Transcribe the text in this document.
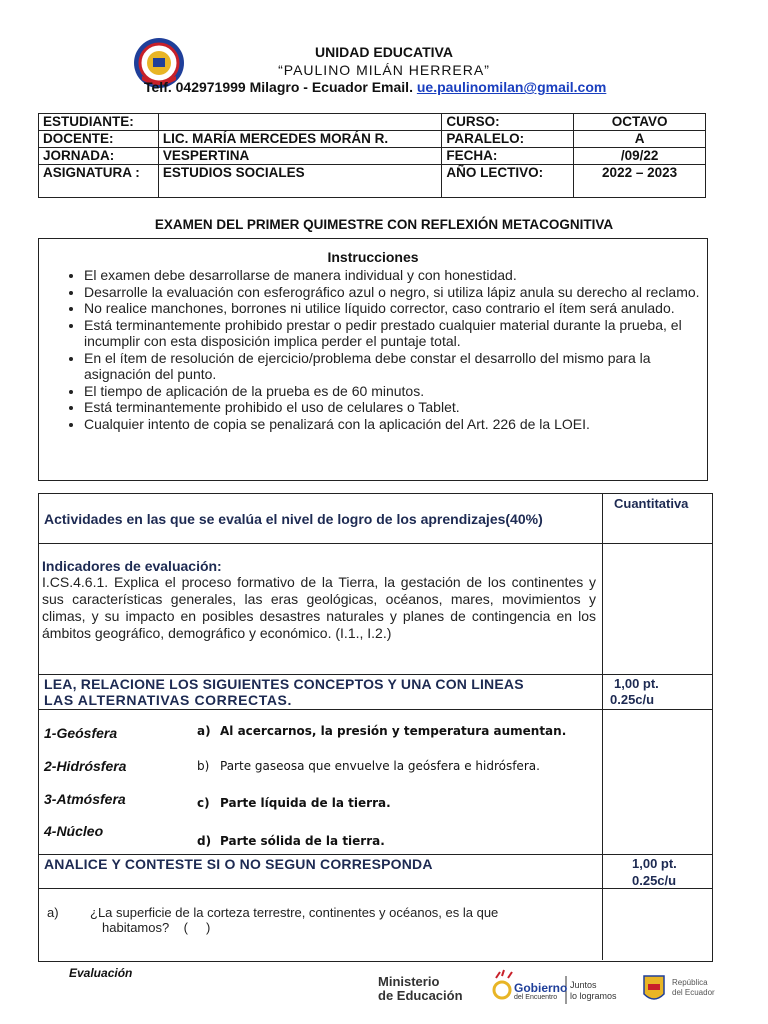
UNIDAD EDUCATIVA
“PAULINO MILÁN HERRERA”
Telf. 042971999 Milagro - Ecuador Email. ue.paulinomilan@gmail.com
ESTUDIANTE:		CURSO:	OCTAVO
DOCENTE:	LIC. MARÍA MERCEDES MORÁN R.	PARALELO:	A
JORNADA:	VESPERTINA	FECHA:	/09/22
ASIGNATURA :	ESTUDIOS SOCIALES	AÑO LECTIVO:	2022 – 2023
EXAMEN DEL PRIMER QUIMESTRE CON REFLEXIÓN METACOGNITIVA
Instrucciones
• El examen debe desarrollarse de manera individual y con honestidad.
• Desarrolle la evaluación con esferográfico azul o negro, si utiliza lápiz anula su derecho al reclamo.
• No realice manchones, borrones ni utilice líquido corrector, caso contrario el ítem será anulado.
• Está terminantemente prohibido prestar o pedir prestado cualquier material durante la prueba, el incumplir con esta disposición implica perder el puntaje total.
• En el ítem de resolución de ejercicio/problema debe constar el desarrollo del mismo para la asignación del punto.
• El tiempo de aplicación de la prueba es de 60 minutos.
• Está terminantemente prohibido el uso de celulares o Tablet.
• Cualquier intento de copia se penalizará con la aplicación del Art. 226 de la LOEI.
Actividades en las que se evalúa el nivel de logro de los aprendizajes(40%)
Cuantitativa
Indicadores de evaluación:
I.CS.4.6.1. Explica el proceso formativo de la Tierra, la gestación de los continentes y sus características generales, las eras geológicas, océanos, mares, movimientos y climas, y su impacto en posibles desastres naturales y planes de contingencia en los ámbitos geográfico, demográfico y económico. (I.1., I.2.)
LEA, RELACIONE LOS SIGUIENTES CONCEPTOS Y UNA CON LINEAS
LAS ALTERNATIVAS CORRECTAS.
1,00 pt.
0.25c/u
1-Geósfera
2-Hidrósfera
3-Atmósfera
4-Núcleo
a) Al acercarnos, la presión y temperatura aumentan.
b) Parte gaseosa que envuelve la geósfera e hidrósfera.
c) Parte líquida de la tierra.
d) Parte sólida de la tierra.
ANALICE Y CONTESTE SI O NO SEGUN CORRESPONDA	1,00 pt.
0.25c/u
a) ¿La superficie de la corteza terrestre, continentes y océanos, es la que
habitamos?    (     )
Evaluación
Ministerio
de Educación	Gobierno
del Encuentro
Juntos
lo logramos
República
del Ecuador
